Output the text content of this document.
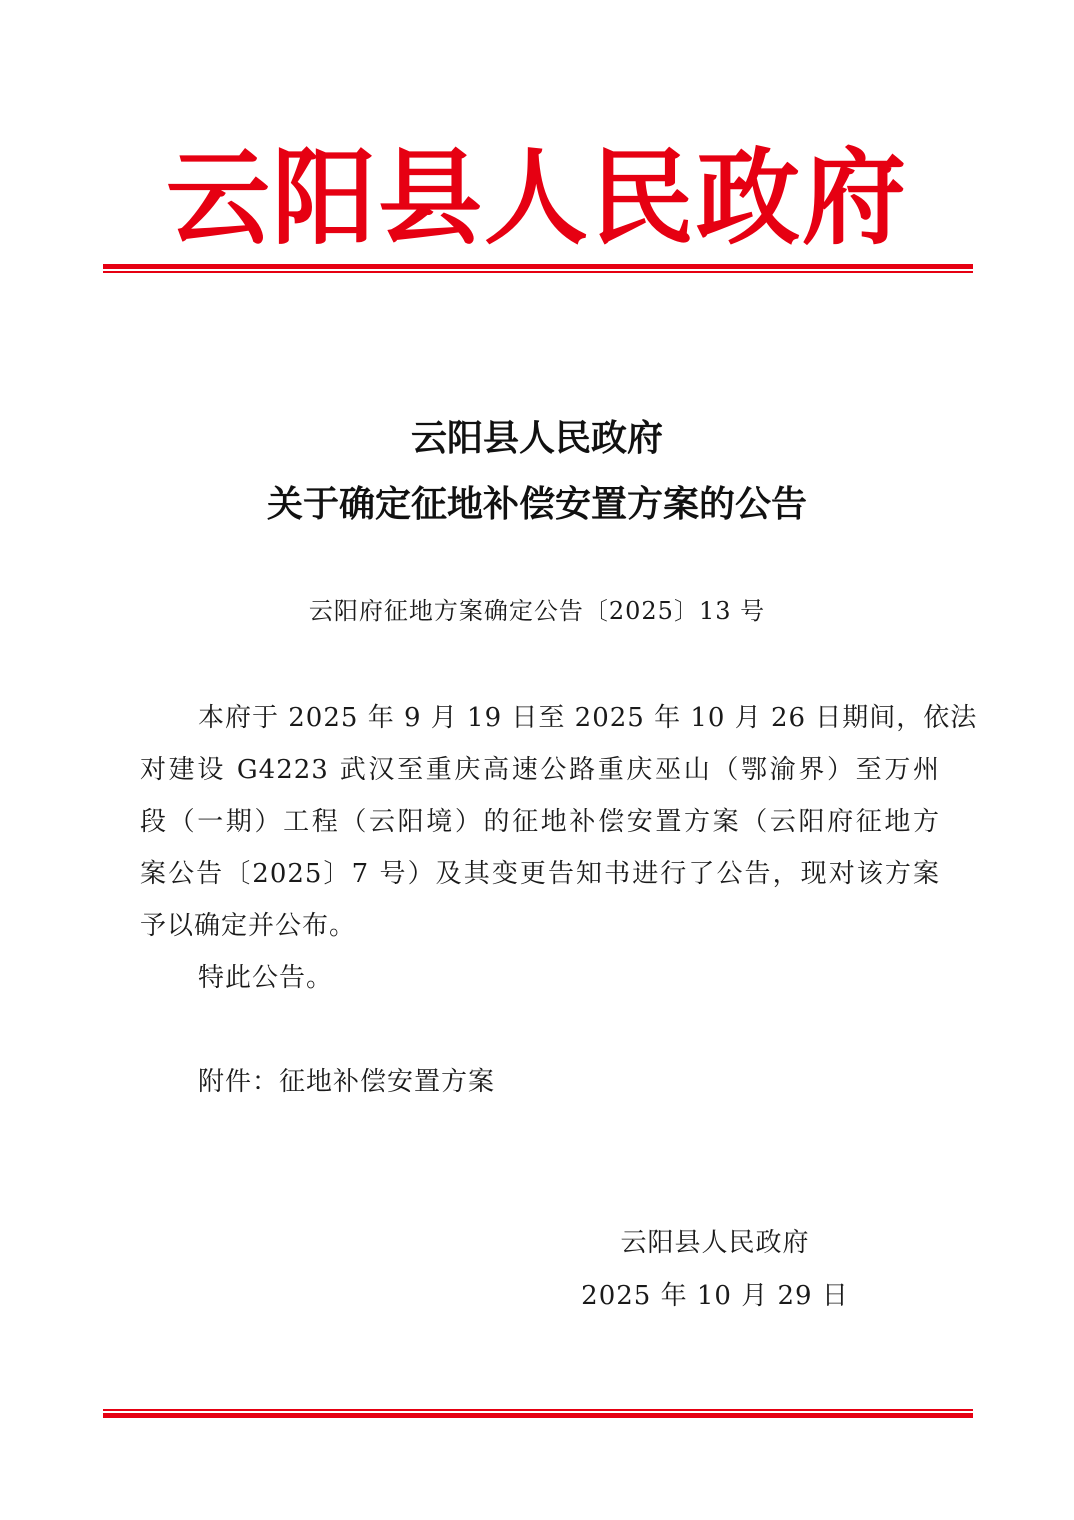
云阳县人民政府
云阳县人民政府
关于确定征地补偿安置方案的公告
云阳府征地方案确定公告〔2025〕13 号
本府于 2025 年 9 月 19 日至 2025 年 10 月 26 日期间，依法
对建设 G4223 武汉至重庆高速公路重庆巫山（鄂渝界）至万州
段（一期）工程（云阳境）的征地补偿安置方案（云阳府征地方
案公告〔2025〕7 号）及其变更告知书进行了公告，现对该方案
予以确定并公布。
特此公告。
附件：征地补偿安置方案
云阳县人民政府
2025 年 10 月 29 日
